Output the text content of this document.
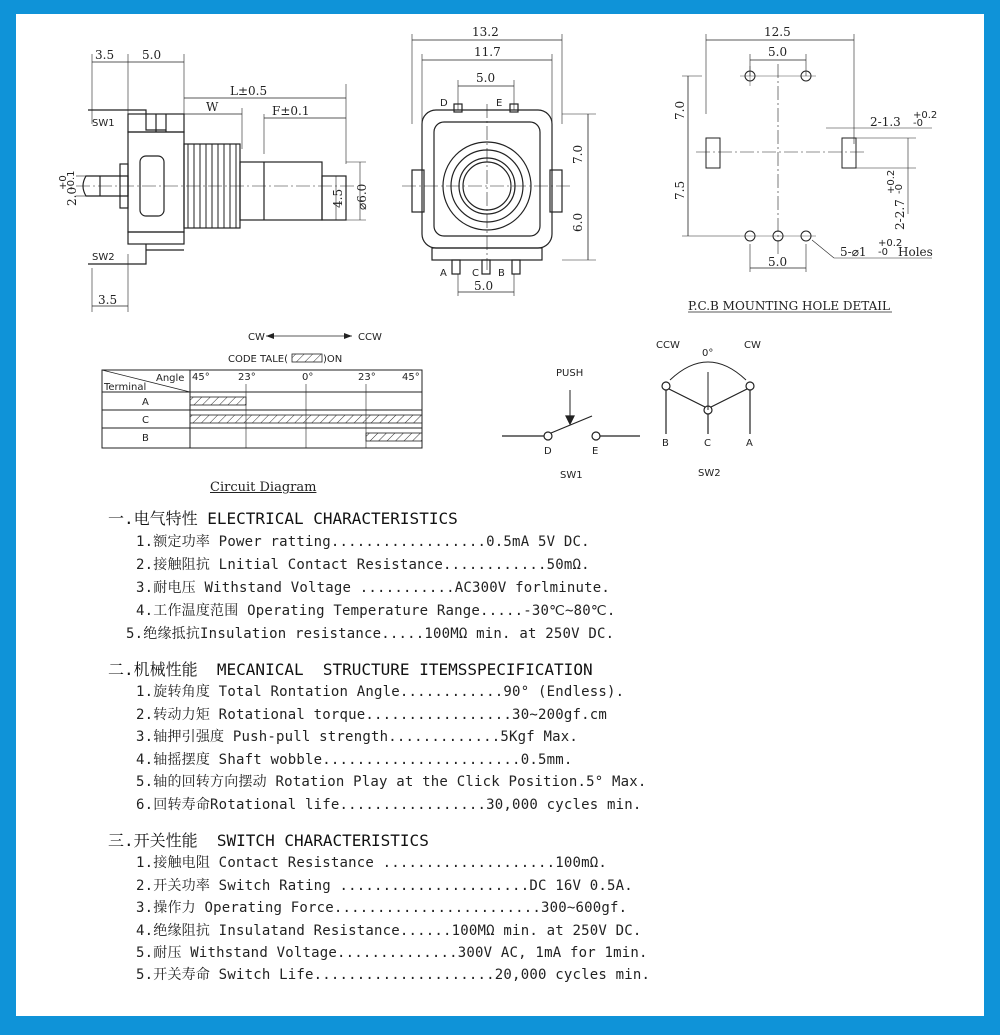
3.5 5.0
L±0.5
W	F±0.1
SW1
SW2
2.0
+0
-0.1
4.5 ⌀6.0
3.5
13.2
11.7
5.0
D	E
7.0
6.0
A	C B
5.0
12.5
5.0
7.0
7.5
2-1.3 +0.2
-0
2-2.7
+0.2
-0
5-⌀1
+0.2
-0 Holes
5.0
P.C.B MOUNTING HOLE DETAIL
CW	CCW
CODE TALE(	)ON
Angle
Terminal
45°	23°	0°	23°	45°
A
C
B
PUSH
D	E
SW1
CCW
0°
CW
B	C	A
SW2
Circuit Diagram
一.电气特性 ELECTRICAL CHARACTERISTICS
1.额定功率 Power ratting..................0.5mA 5V DC.
2.接触阻抗 Lnitial Contact Resistance............50mΩ.
3.耐电压 Withstand Voltage ...........AC300V forlminute.
4.工作温度范围 Operating Temperature Range.....-30℃~80℃.
5.绝缘抵抗Insulation resistance.....100MΩ min. at 250V DC.
二.机械性能  MECANICAL  STRUCTURE ITEMSSPECIFICATION
1.旋转角度 Total Rontation Angle............90° (Endless).
2.转动力矩 Rotational torque.................30~200gf.cm
3.轴押引强度 Push-pull strength.............5Kgf Max.
4.轴摇摆度 Shaft wobble.......................0.5mm.
5.轴的回转方向摆动 Rotation Play at the Click Position.5° Max.
6.回转寿命Rotational life.................30,000 cycles min.
三.开关性能  SWITCH CHARACTERISTICS
1.接触电阻 Contact Resistance ....................100mΩ.
2.开关功率 Switch Rating ......................DC 16V 0.5A.
3.操作力 Operating Force........................300~600gf.
4.绝缘阻抗 Insulatand Resistance......100MΩ min. at 250V DC.
5.耐压 Withstand Voltage..............300V AC, 1mA for 1min.
5.开关寿命 Switch Life.....................20,000 cycles min.
